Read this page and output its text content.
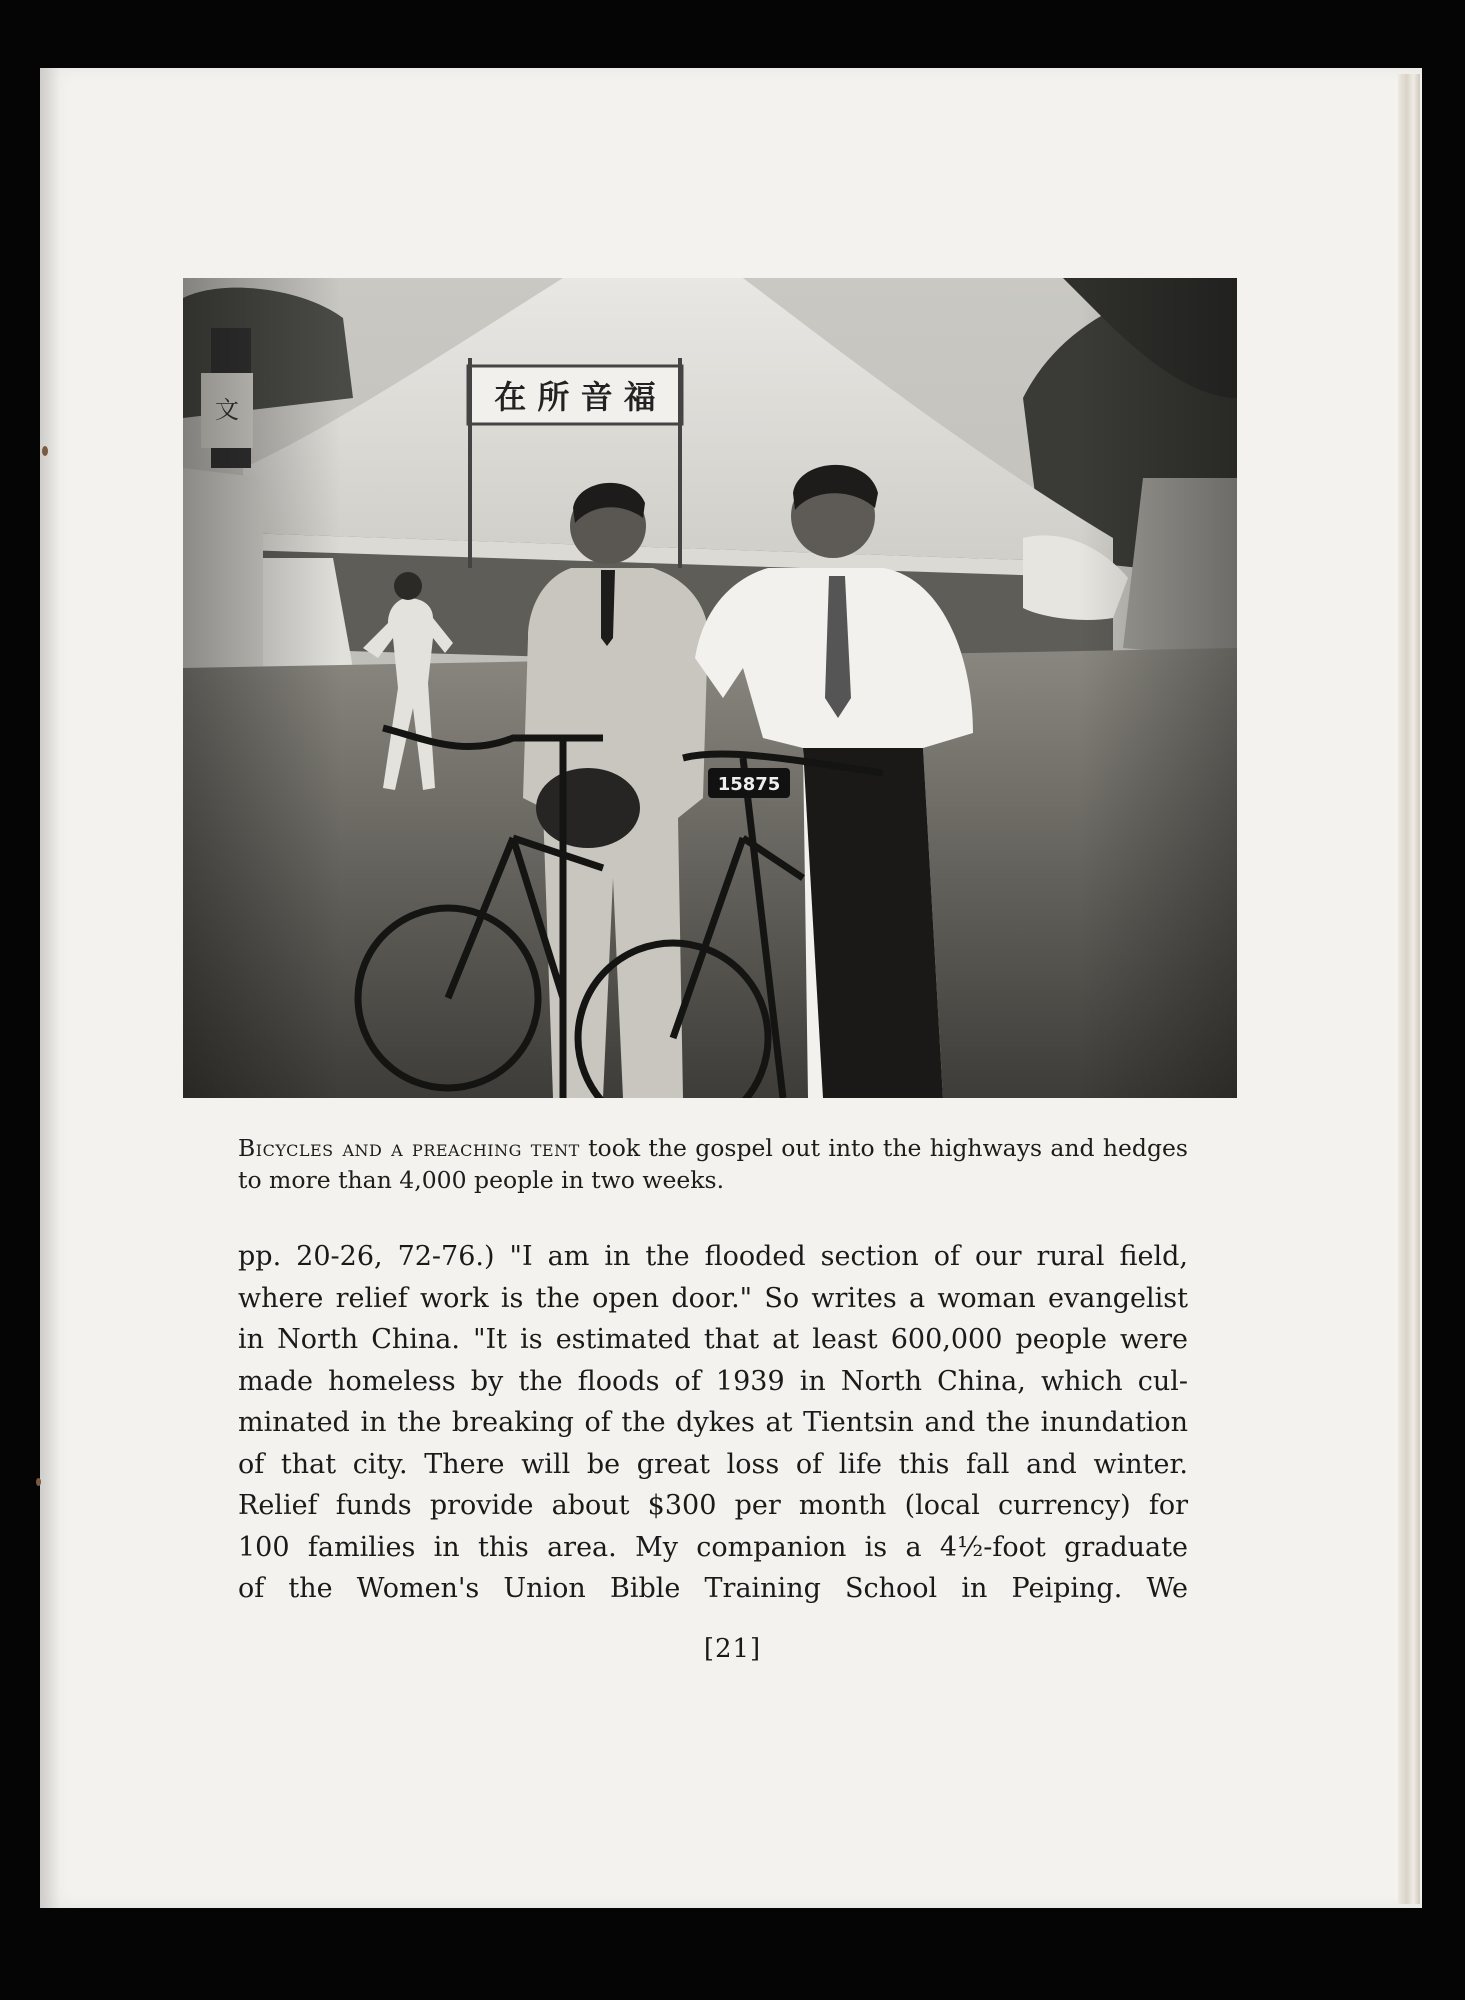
Bicycles and a preaching tent took the gospel out into the highways and hedges to more than 4,000 people in two weeks.
pp. 20-26, 72-76.) "I am in the flooded section of our rural field,
where relief work is the open door." So writes a woman evangelist
in North China. "It is estimated that at least 600,000 people were
made homeless by the floods of 1939 in North China, which cul-
minated in the breaking of the dykes at Tientsin and the inundation
of that city. There will be great loss of life this fall and winter.
Relief funds provide about $300 per month (local currency) for
100 families in this area. My companion is a 4½-foot graduate
of the Women's Union Bible Training School in Peiping. We
[21]
